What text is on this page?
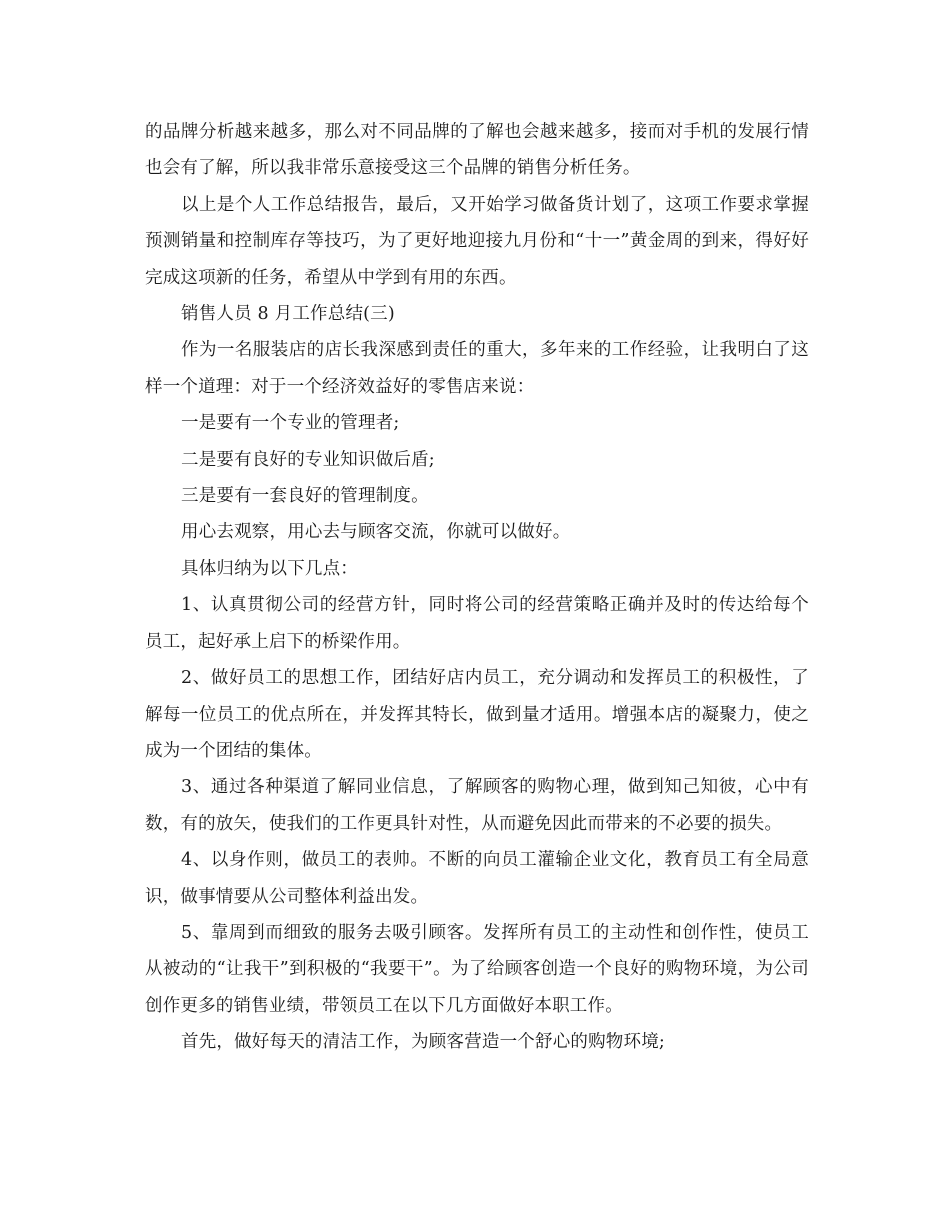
的品牌分析越来越多，那么对不同品牌的了解也会越来越多，接而对手机的发展行情也会有了解，所以我非常乐意接受这三个品牌的销售分析任务。

以上是个人工作总结报告，最后，又开始学习做备货计划了，这项工作要求掌握预测销量和控制库存等技巧，为了更好地迎接九月份和“十一”黄金周的到来，得好好完成这项新的任务，希望从中学到有用的东西。

销售人员 8 月工作总结(三)

作为一名服装店的店长我深感到责任的重大，多年来的工作经验，让我明白了这样一个道理：对于一个经济效益好的零售店来说：

一是要有一个专业的管理者;

二是要有良好的专业知识做后盾;

三是要有一套良好的管理制度。

用心去观察，用心去与顾客交流，你就可以做好。

具体归纳为以下几点：

1、认真贯彻公司的经营方针，同时将公司的经营策略正确并及时的传达给每个员工，起好承上启下的桥梁作用。

2、做好员工的思想工作，团结好店内员工，充分调动和发挥员工的积极性，了解每一位员工的优点所在，并发挥其特长，做到量才适用。增强本店的凝聚力，使之成为一个团结的集体。

3、通过各种渠道了解同业信息，了解顾客的购物心理，做到知己知彼，心中有数，有的放矢，使我们的工作更具针对性，从而避免因此而带来的不必要的损失。

4、以身作则，做员工的表帅。不断的向员工灌输企业文化，教育员工有全局意识，做事情要从公司整体利益出发。

5、靠周到而细致的服务去吸引顾客。发挥所有员工的主动性和创作性，使员工从被动的“让我干”到积极的“我要干”。为了给顾客创造一个良好的购物环境，为公司创作更多的销售业绩，带领员工在以下几方面做好本职工作。

首先，做好每天的清洁工作，为顾客营造一个舒心的购物环境;
